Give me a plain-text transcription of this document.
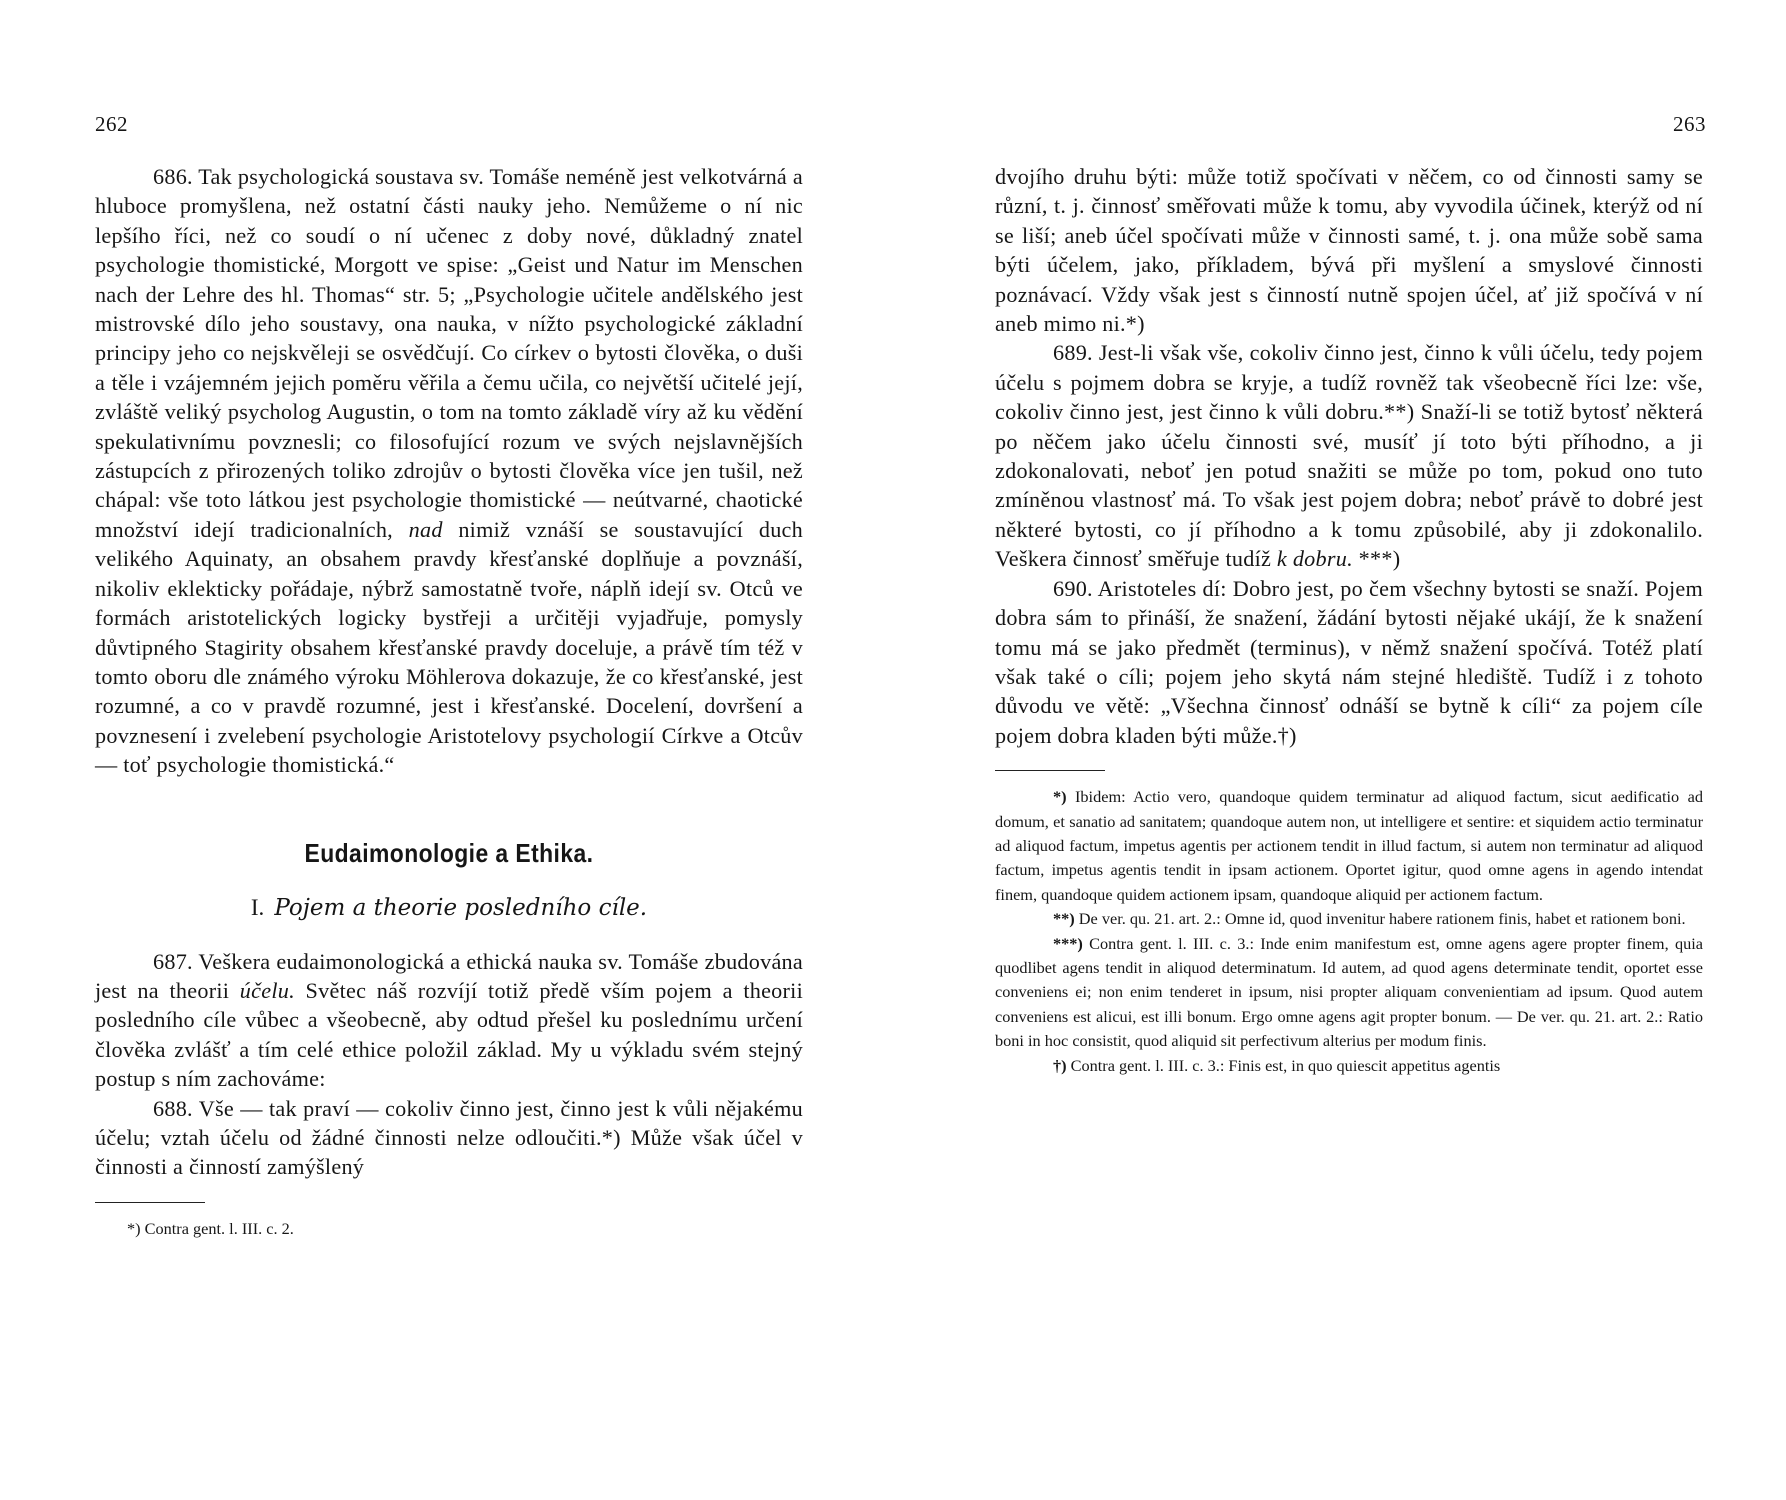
262

686. Tak psychologická soustava sv. Tomáše neméně jest velkotvárná a hluboce promyšlena, než ostatní části nauky jeho. Nemůžeme o ní nic lepšího říci, než co soudí o ní učenec z doby nové, důkladný znatel psychologie thomistické, Morgott ve spise: „Geist und Natur im Menschen nach der Lehre des hl. Thomas“ str. 5; „Psychologie učitele andělského jest mistrovské dílo jeho soustavy, ona nauka, v nížto psychologické základní principy jeho co nejskvěleji se osvědčují. Co církev o bytosti člověka, o duši a těle i vzájemném jejich poměru věřila a čemu učila, co největší učitelé její, zvláště veliký psycholog Augustin, o tom na tomto základě víry až ku vědění spekulativnímu povznesli; co filosofující rozum ve svých nejslavnějších zástupcích z přirozených toliko zdrojův o bytosti člověka více jen tušil, než chápal: vše toto látkou jest psychologie thomistické — neútvarné, chaotické množství idejí tradicionalních, nad nimiž vznáší se soustavující duch velikého Aquinaty, an obsahem pravdy křesťanské doplňuje a povznáší, nikoliv eklekticky pořádaje, nýbrž samostatně tvoře, náplň idejí sv. Otců ve formách aristotelických logicky bystřeji a určitěji vyjadřuje, pomysly důvtipného Stagirity obsahem křesťanské pravdy doceluje, a právě tím též v tomto oboru dle známého výroku Möhlerova dokazuje, že co křesťanské, jest rozumné, a co v pravdě rozumné, jest i křesťanské. Docelení, dovršení a povznesení i zvelebení psychologie Aristotelovy psychologií Církve a Otcův — toť psychologie thomistická.“

Eudaimonologie a Ethika.
I. Pojem a theorie posledního cíle.

687. Veškera eudaimonologická a ethická nauka sv. Tomáše zbudována jest na theorii účelu. Světec náš rozvíjí totiž předě vším pojem a theorii posledního cíle vůbec a všeobecně, aby odtud přešel ku poslednímu určení člověka zvlášť a tím celé ethice položil základ. My u výkladu svém stejný postup s ním zachováme:

688. Vše — tak praví — cokoliv činno jest, činno jest k vůli nějakému účelu; vztah účelu od žádné činnosti nelze odloučiti.*) Může však účel v činnosti a činností zamýšlený

*) Contra gent. l. III. c. 2.

263

dvojího druhu býti: může totiž spočívati v něčem, co od činnosti samy se různí, t. j. činnosť směřovati může k tomu, aby vyvodila účinek, kterýž od ní se liší; aneb účel spočívati může v činnosti samé, t. j. ona může sobě sama býti účelem, jako, příkladem, bývá při myšlení a smyslové činnosti poznávací. Vždy však jest s činností nutně spojen účel, ať již spočívá v ní aneb mimo ni.*)

689. Jest-li však vše, cokoliv činno jest, činno k vůli účelu, tedy pojem účelu s pojmem dobra se kryje, a tudíž rovněž tak všeobecně říci lze: vše, cokoliv činno jest, jest činno k vůli dobru.**) Snaží-li se totiž bytosť některá po něčem jako účelu činnosti své, musíť jí toto býti příhodno, a ji zdokonalovati, neboť jen potud snažiti se může po tom, pokud ono tuto zmíněnou vlastnosť má. To však jest pojem dobra; neboť právě to dobré jest některé bytosti, co jí příhodno a k tomu způsobilé, aby ji zdokonalilo. Veškera činnosť směřuje tudíž k dobru. ***)

690. Aristoteles dí: Dobro jest, po čem všechny bytosti se snaží. Pojem dobra sám to přináší, že snažení, žádání bytosti nějaké ukájí, že k snažení tomu má se jako předmět (terminus), v němž snažení spočívá. Totéž platí však také o cíli; pojem jeho skytá nám stejné hlediště. Tudíž i z tohoto důvodu ve větě: „Všechna činnosť odnáší se bytně k cíli“ za pojem cíle pojem dobra kladen býti může.†)

*) Ibidem: Actio vero, quandoque quidem terminatur ad aliquod factum, sicut aedificatio ad domum, et sanatio ad sanitatem; quandoque autem non, ut intelligere et sentire: et siquidem actio terminatur ad aliquod factum, impetus agentis per actionem tendit in illud factum, si autem non terminatur ad aliquod factum, impetus agentis tendit in ipsam actionem. Oportet igitur, quod omne agens in agendo intendat finem, quandoque quidem actionem ipsam, quandoque aliquid per actionem factum.

**) De ver. qu. 21. art. 2.: Omne id, quod invenitur habere rationem finis, habet et rationem boni.

***) Contra gent. l. III. c. 3.: Inde enim manifestum est, omne agens agere propter finem, quia quodlibet agens tendit in aliquod determinatum. Id autem, ad quod agens determinate tendit, oportet esse conveniens ei; non enim tenderet in ipsum, nisi propter aliquam convenientiam ad ipsum. Quod autem conveniens est alicui, est illi bonum. Ergo omne agens agit propter bonum. — De ver. qu. 21. art. 2.: Ratio boni in hoc consistit, quod aliquid sit perfectivum alterius per modum finis.

†) Contra gent. l. III. c. 3.: Finis est, in quo quiescit appetitus agentis
